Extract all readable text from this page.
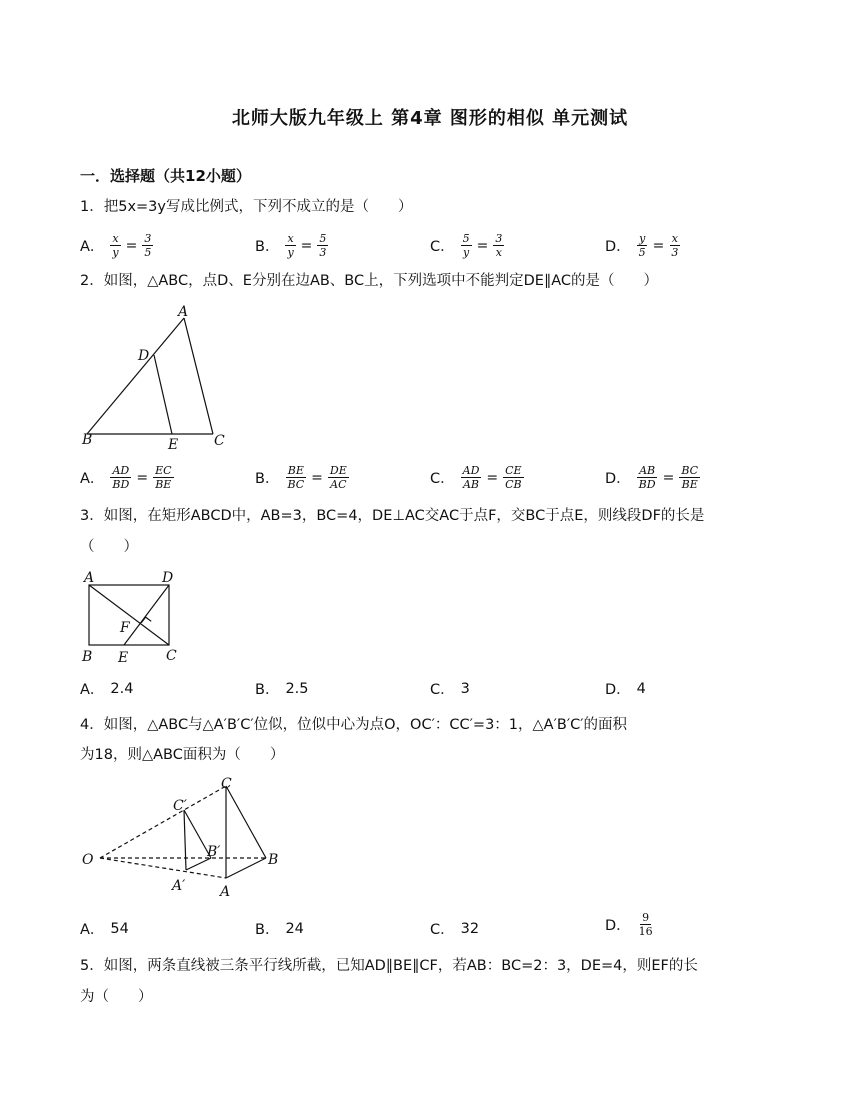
北师大版九年级上 第4章 图形的相似 单元测试
一．选择题（共12小题）
1．把5x=3y写成比例式，下列不成立的是（　　）
A． $\frac{x}{y} = \frac{3}{5}$	B． $\frac{x}{y} = \frac{5}{3}$	C． $\frac{5}{y} = \frac{3}{x}$	D． $\frac{y}{5} = \frac{x}{3}$
2．如图，△ABC，点D、E分别在边AB、BC上，下列选项中不能判定DE∥AC的是（　　）
A
B	C
D
E
A． $\frac{AD}{BD} = \frac{EC}{BE}$	B． $\frac{BE}{BC} = \frac{DE}{AC}$	C． $\frac{AD}{AB} = \frac{CE}{CB}$	D． $\frac{AB}{BD} = \frac{BC}{BE}$
3．如图，在矩形ABCD中，AB=3，BC=4，DE⊥AC交AC于点F，交BC于点E，则线段DF的长是
（　　）
A	D
B	C
E
F
A． 2.4	B． 2.5	C． 3	D． 4
4．如图，△ABC与△A′B′C′位似，位似中心为点O，OC′：CC′=3：1，△A′B′C′的面积
为18，则△ABC面积为（　　）
O
C
B
A
C′
B′
A′
A． 54	B． 24	C． 32	D． $\frac{9}{16}$
5．如图，两条直线被三条平行线所截，已知AD∥BE∥CF，若AB：BC=2：3，DE=4，则EF的长
为（　　）
